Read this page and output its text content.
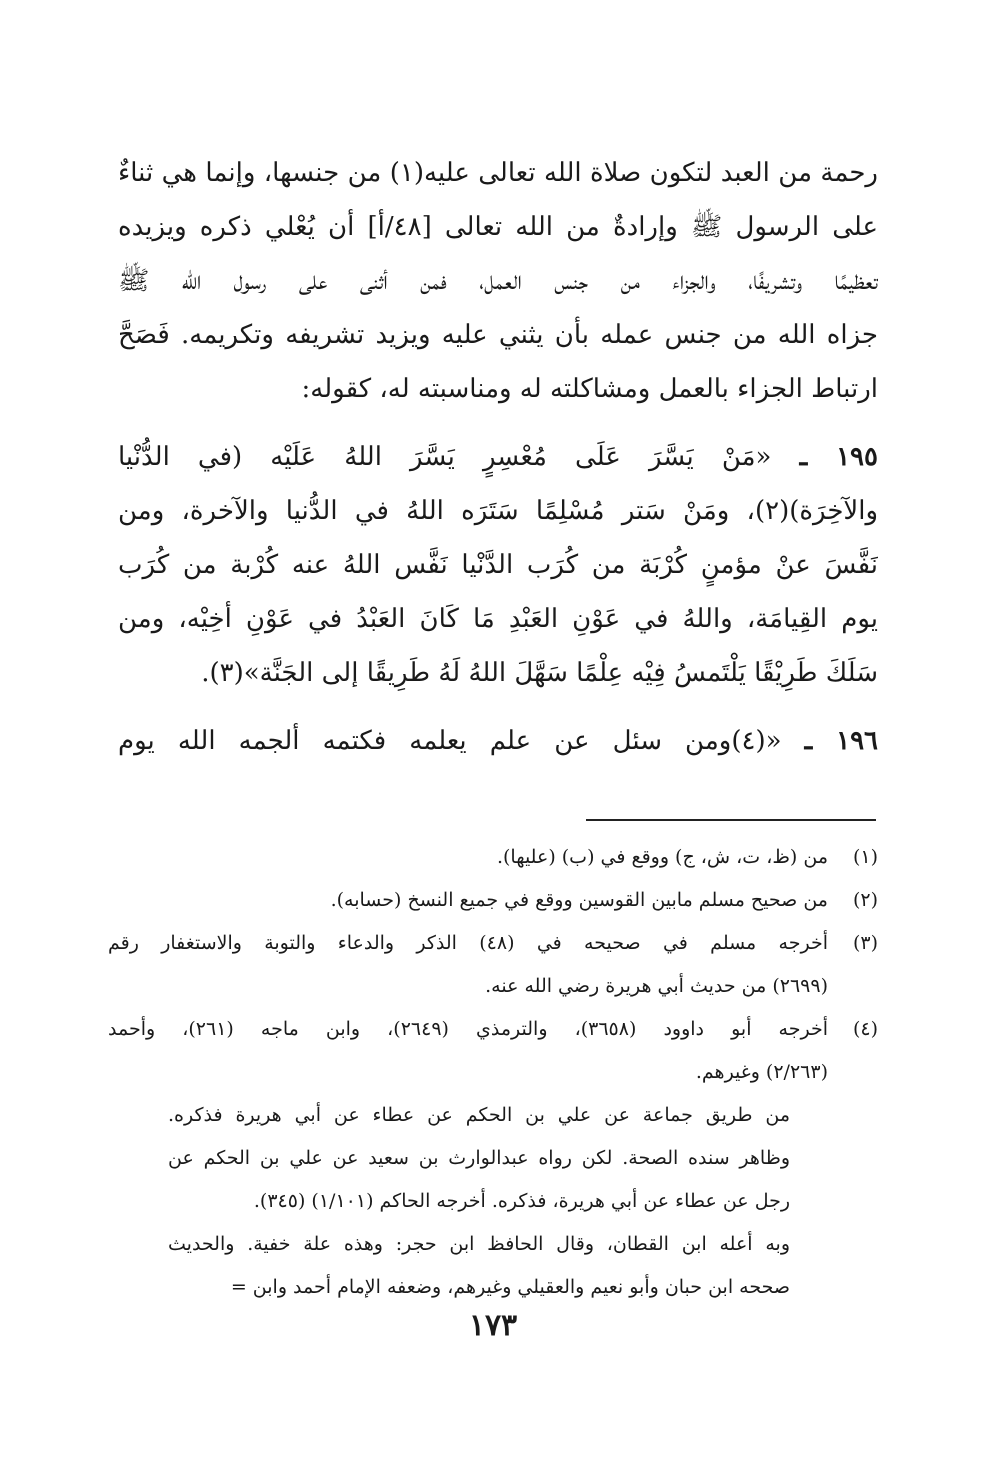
رحمة من العبد لتكون صلاة الله تعالى عليه(١) من جنسها، وإنما هي ثناءٌ
على الرسول ﷺ وإرادةٌ من الله تعالى [٤٨/أ] أن يُعْلي ذكره ويزيده
تعظيمًا وتشريفًا، والجزاء من جنس العمل، فمن أثنى على رسول الله ﷺ
جزاه الله من جنس عمله بأن يثني عليه ويزيد تشريفه وتكريمه. فَصَحَّ
ارتباط الجزاء بالعمل ومشاكلته له ومناسبته له، كقوله:
١٩٥ ـ «مَنْ يَسَّرَ عَلَى مُعْسِرٍ يَسَّرَ اللهُ عَلَيْه (في الدُّنْيا
والآخِرَة)(٢)، ومَنْ سَتر مُسْلِمًا سَتَرَه اللهُ في الدُّنيا والآخرة، ومن
نَفَّسَ عنْ مؤمنٍ كُرْبَة من كُرَب الدَّنْيا نَفَّس اللهُ عنه كُرْبة من كُرَب
يوم القِيامَة، واللهُ في عَوْنِ العَبْدِ مَا كَانَ العَبْدُ في عَوْنِ أخِيْه، ومن
سَلَكَ طَرِيْقًا يَلْتَمسُ فِيْه عِلْمًا سَهَّلَ اللهُ لَهُ طَرِيقًا إلى الجَنَّة»(٣).
١٩٦ ـ «(٤)ومن سئل عن علم يعلمه فكتمه ألجمه الله يوم
(١)
من (ظ، ت، ش، ج) ووقع في (ب) (عليها).
(٢)
من صحيح مسلم مابين القوسين ووقع في جميع النسخ (حسابه).
(٣)
أخرجه مسلم في صحيحه في (٤٨) الذكر والدعاء والتوبة والاستغفار رقم
(٢٦٩٩) من حديث أبي هريرة رضي الله عنه.
(٤)
أخرجه أبو داوود (٣٦٥٨)، والترمذي (٢٦٤٩)، وابن ماجه (٢٦١)، وأحمد
(٢/٢٦٣) وغيرهم.
من طريق جماعة عن علي بن الحكم عن عطاء عن أبي هريرة فذكره.
وظاهر سنده الصحة. لكن رواه عبدالوارث بن سعيد عن علي بن الحكم عن
رجل عن عطاء عن أبي هريرة، فذكره. أخرجه الحاكم (١/١٠١) (٣٤٥).
وبه أعله ابن القطان، وقال الحافظ ابن حجر: وهذه علة خفية. والحديث
صححه ابن حبان وأبو نعيم والعقيلي وغيرهم، وضعفه الإمام أحمد وابن =
١٧٣
